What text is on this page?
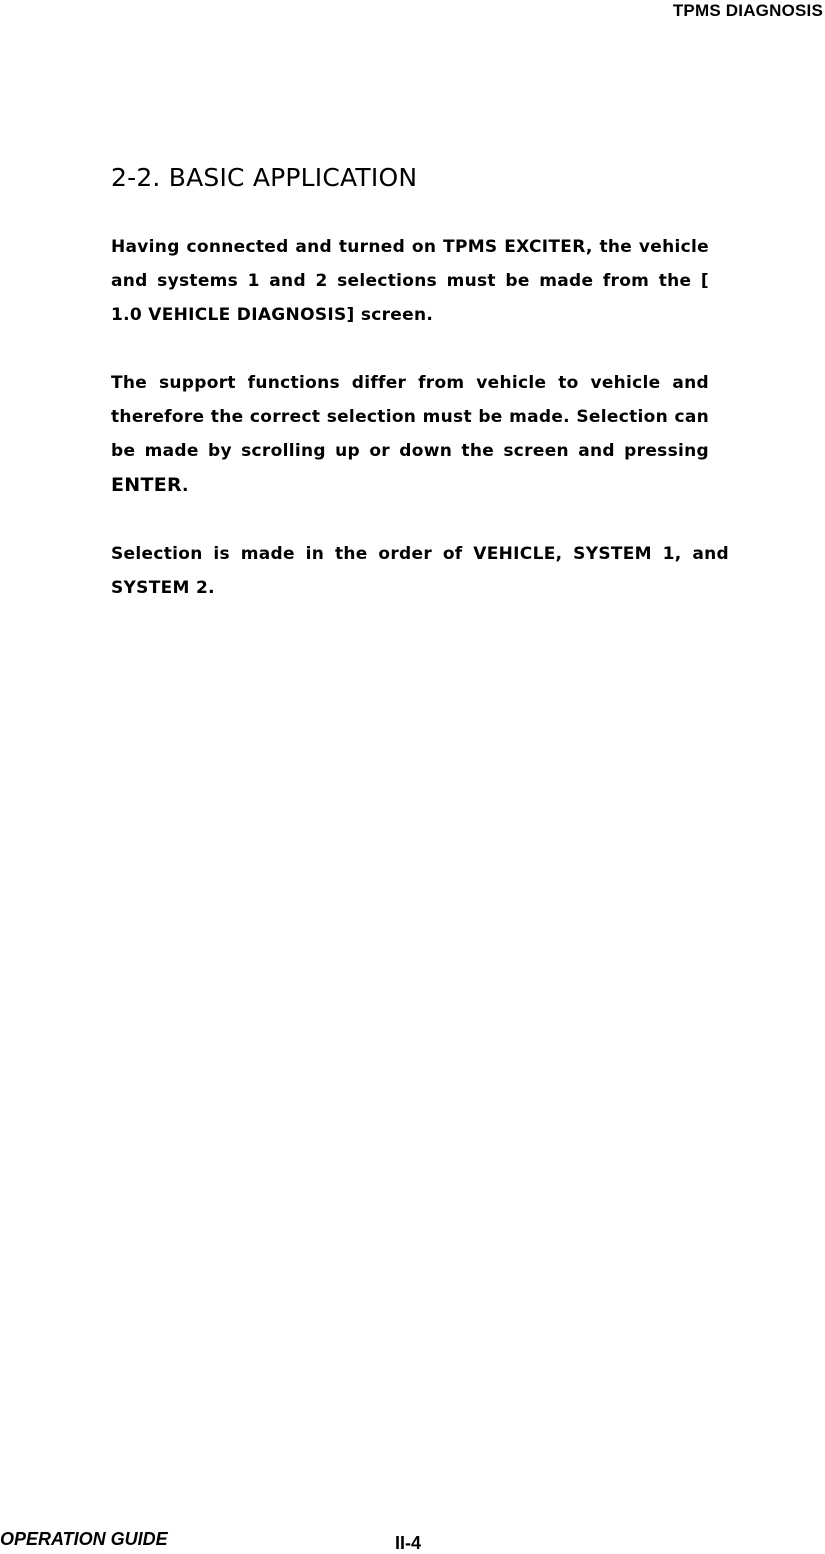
TPMS DIAGNOSIS
2-2. BASIC APPLICATION

Having connected and turned on TPMS EXCITER, the vehicle and systems 1 and 2 selections must be made from the [ 1.0 VEHICLE DIAGNOSIS] screen.

The support functions differ from vehicle to vehicle and therefore the correct selection must be made. Selection can be made by scrolling up or down the screen and pressing ENTER.

Selection is made in the order of VEHICLE, SYSTEM 1, and SYSTEM 2.

OPERATION GUIDE	II-4
